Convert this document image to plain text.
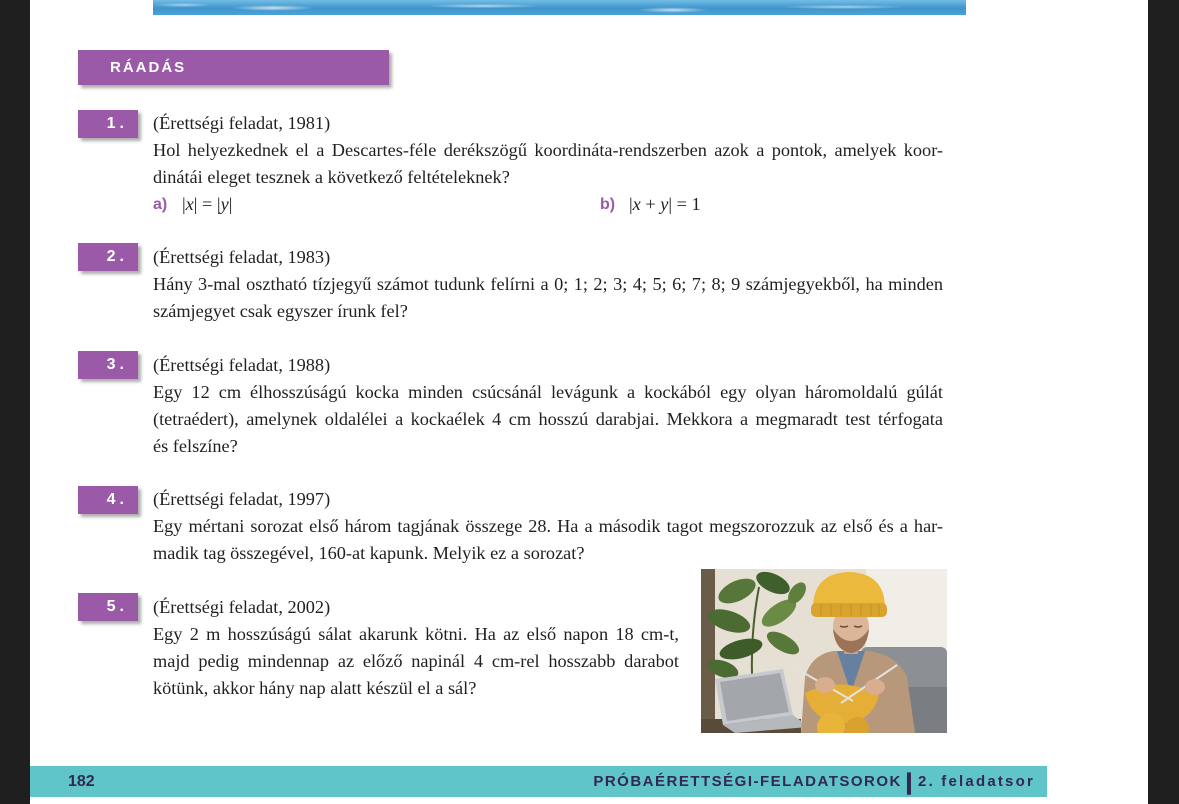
RÁADÁS
1.	(Érettségi feladat, 1981)
Hol helyezkednek el a Descartes-féle derékszögű koordináta-rendszerben azok a pontok, amelyek koor-
dinátái eleget tesznek a következő feltételeknek?
a) |x| = |y|	b) |x + y| = 1
2.	(Érettségi feladat, 1983)
Hány 3-mal osztható tízjegyű számot tudunk felírni a 0; 1; 2; 3; 4; 5; 6; 7; 8; 9 számjegyekből, ha minden
számjegyet csak egyszer írunk fel?
3.	(Érettségi feladat, 1988)
Egy 12 cm élhosszúságú kocka minden csúcsánál levágunk a kockából egy olyan háromoldalú gúlát
(tetraédert), amelynek oldalélei a kockaélek 4 cm hosszú darabjai. Mekkora a megmaradt test térfogata
és felszíne?
4.	(Érettségi feladat, 1997)
Egy mértani sorozat első három tagjának összege 28. Ha a második tagot megszorozzuk az első és a har-
madik tag összegével, 160-at kapunk. Melyik ez a sorozat?
5.	(Érettségi feladat, 2002)
Egy 2 m hosszúságú sálat akarunk kötni. Ha az első napon 18 cm-t,
majd pedig mindennap az előző napinál 4 cm-rel hosszabb darabot
kötünk, akkor hány nap alatt készül el a sál?
182	PRÓBAÉRETTSÉGI-FELADATSOROK | 2. feladatsor
